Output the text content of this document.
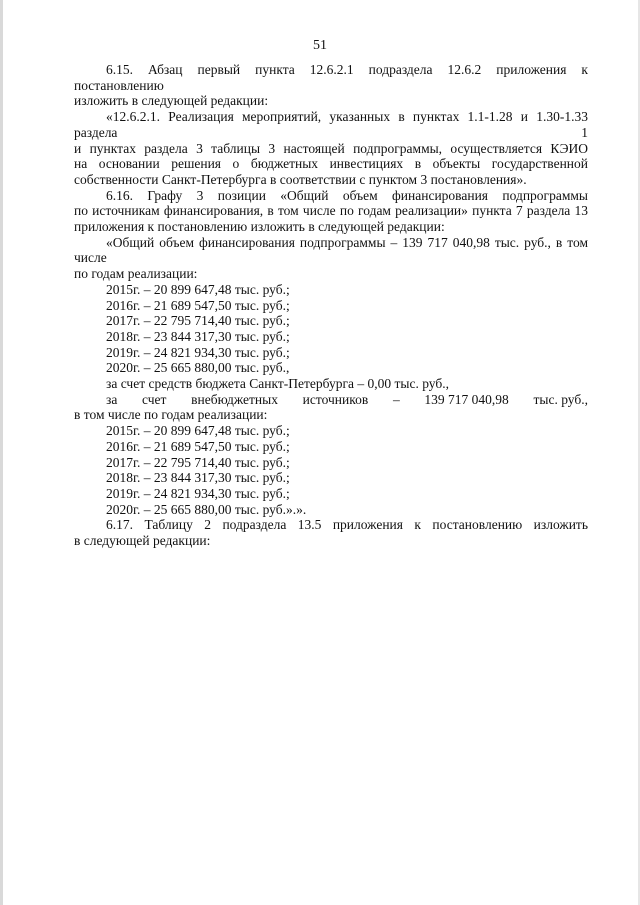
51

6.15. Абзац первый пункта 12.6.2.1 подраздела 12.6.2 приложения к постановлению

изложить в следующей редакции:

«12.6.2.1. Реализация мероприятий, указанных в пунктах 1.1-1.28 и 1.30-1.33 раздела 1

и пунктах раздела 3 таблицы 3 настоящей подпрограммы, осуществляется КЭИО

на основании решения о бюджетных инвестициях в объекты государственной

собственности Санкт-Петербурга в соответствии с пунктом 3 постановления».

6.16. Графу 3 позиции «Общий объем финансирования подпрограммы

по источникам финансирования, в том числе по годам реализации» пункта 7 раздела 13

приложения к постановлению изложить в следующей редакции:

«Общий объем финансирования подпрограммы – 139 717 040,98 тыс. руб., в том числе

по годам реализации:

2015г. – 20 899 647,48 тыс. руб.;

2016г. – 21 689 547,50 тыс. руб.;

2017г. – 22 795 714,40 тыс. руб.;

2018г. – 23 844 317,30 тыс. руб.;

2019г. – 24 821 934,30 тыс. руб.;

2020г. – 25 665 880,00 тыс. руб.,

за счет средств бюджета Санкт-Петербурга – 0,00 тыс. руб.,

за счет внебюджетных источников – 139 717 040,98 тыс. руб.,

в том числе по годам реализации:

2015г. – 20 899 647,48 тыс. руб.;

2016г. – 21 689 547,50 тыс. руб.;

2017г. – 22 795 714,40 тыс. руб.;

2018г. – 23 844 317,30 тыс. руб.;

2019г. – 24 821 934,30 тыс. руб.;

2020г. – 25 665 880,00 тыс. руб.».».

6.17. Таблицу 2 подраздела 13.5 приложения к постановлению изложить

в следующей редакции:
